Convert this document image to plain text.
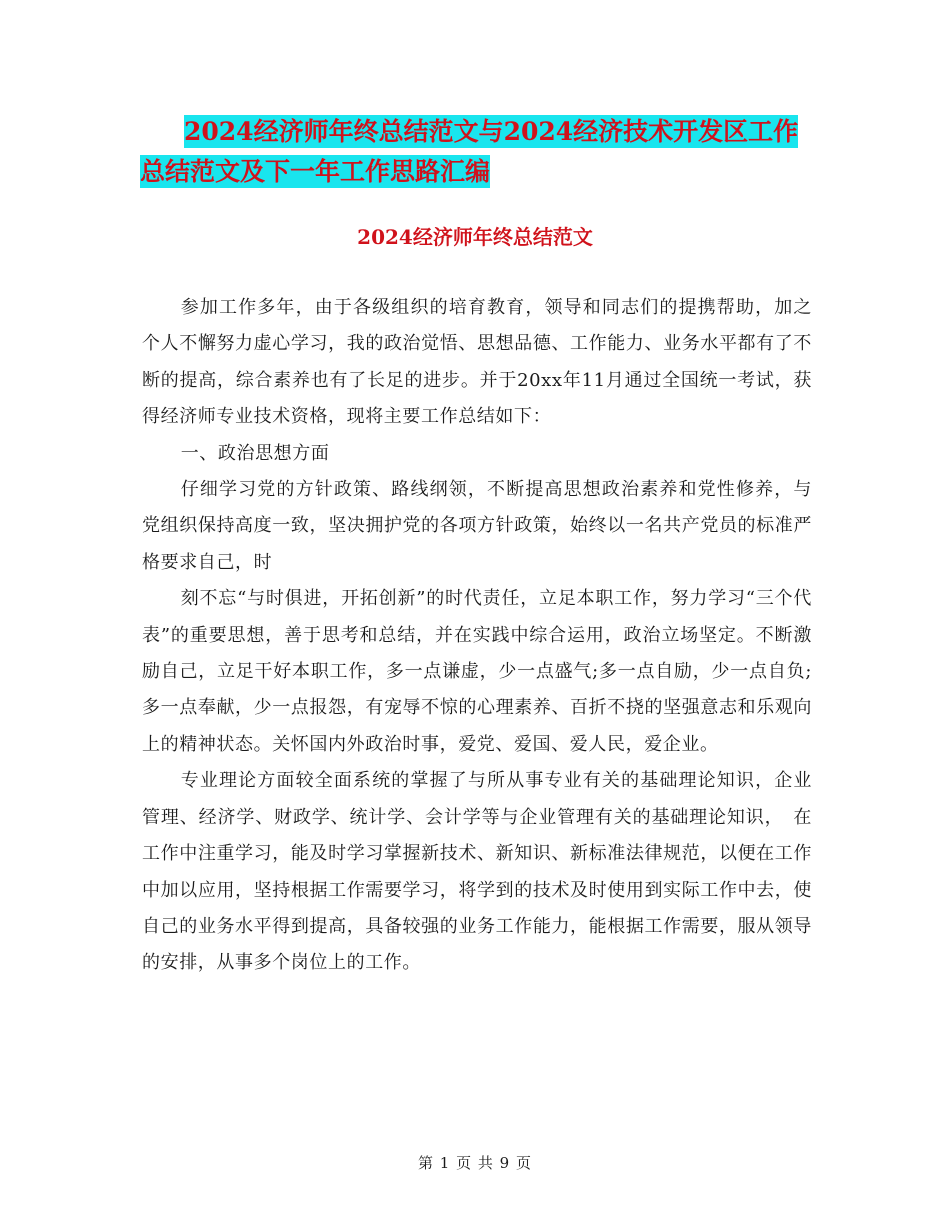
2024经济师年终总结范文与2024经济技术开发区工作
总结范文及下一年工作思路汇编
2024经济师年终总结范文

参加工作多年，由于各级组织的培育教育，领导和同志们的提携帮助，加之个人不懈努力虚心学习，我的政治觉悟、思想品德、工作能力、业务水平都有了不断的提高，综合素养也有了长足的进步。并于20xx年11月通过全国统一考试，获得经济师专业技术资格，现将主要工作总结如下：

一、政治思想方面

仔细学习党的方针政策、路线纲领，不断提高思想政治素养和党性修养，与党组织保持高度一致，坚决拥护党的各项方针政策，始终以一名共产党员的标准严格要求自己，时

刻不忘“与时俱进，开拓创新”的时代责任，立足本职工作，努力学习“三个代表”的重要思想，善于思考和总结，并在实践中综合运用，政治立场坚定。不断激励自己，立足干好本职工作，多一点谦虚，少一点盛气;多一点自励，少一点自负;多一点奉献，少一点报怨，有宠辱不惊的心理素养、百折不挠的坚强意志和乐观向上的精神状态。关怀国内外政治时事，爱党、爱国、爱人民，爱企业。

专业理论方面较全面系统的掌握了与所从事专业有关的基础理论知识，企业管理、经济学、财政学、统计学、会计学等与企业管理有关的基础理论知识，　在工作中注重学习，能及时学习掌握新技术、新知识、新标准法律规范，以便在工作中加以应用，坚持根据工作需要学习，将学到的技术及时使用到实际工作中去，使自己的业务水平得到提高，具备较强的业务工作能力，能根据工作需要，服从领导的安排，从事多个岗位上的工作。

第 1 页 共 9 页
